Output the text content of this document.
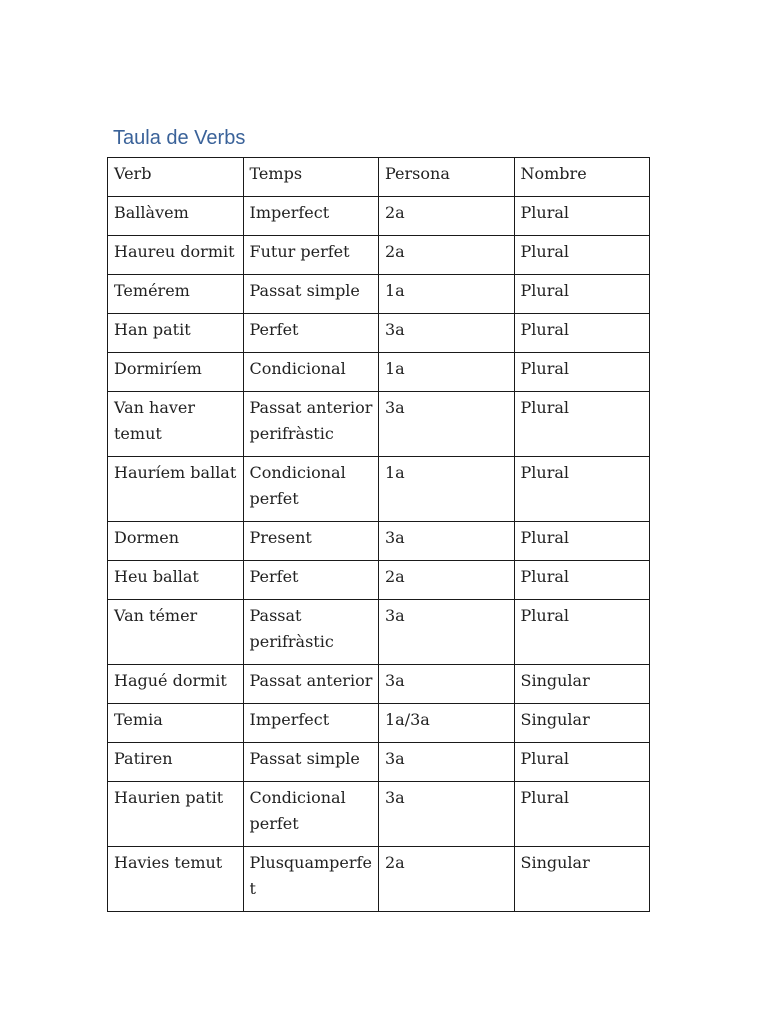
Taula de Verbs
Verb	Temps	Persona	Nombre

Ballàvem	Imperfect	2a	Plural

Haureu dormit	Futur perfet	2a	Plural

Temérem	Passat simple	1a	Plural

Han patit	Perfet	3a	Plural

Dormiríem	Condicional	1a	Plural

Van haver temut	Passat anterior perifràstic	3a	Plural

Hauríem ballat	Condicional perfet	1a	Plural

Dormen	Present	3a	Plural

Heu ballat	Perfet	2a	Plural

Van témer	Passat perifràstic	3a	Plural

Hagué dormit	Passat anterior	3a	Singular

Temia	Imperfect	1a/3a	Singular

Patiren	Passat simple	3a	Plural

Haurien patit	Condicional perfet	3a	Plural

Havies temut	Plusquamperfet	2a	Singular
